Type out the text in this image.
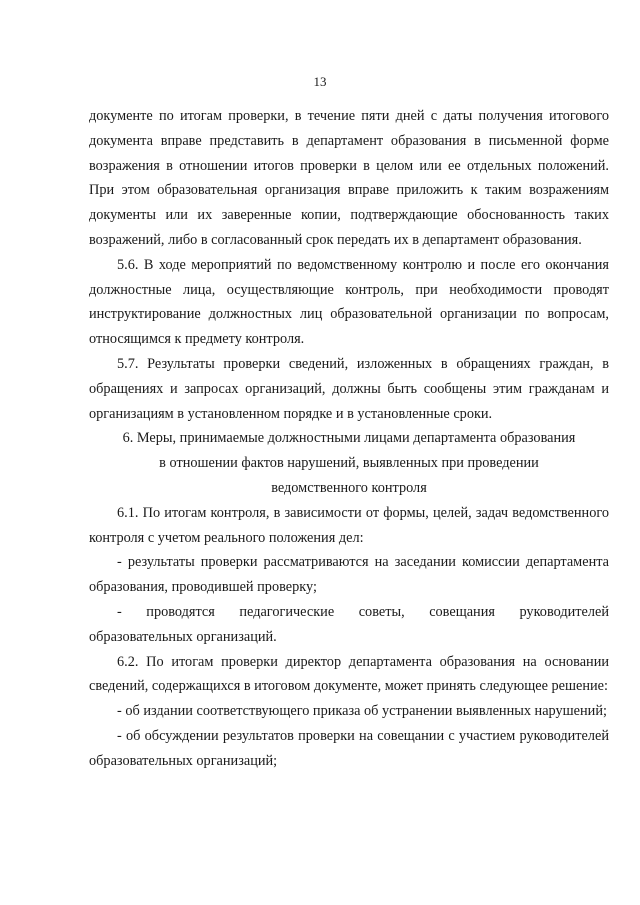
13

документе по итогам проверки, в течение пяти дней с даты получения итогового документа вправе представить в департамент образования в письменной форме возражения в отношении итогов проверки в целом или ее отдельных положений. При этом образовательная организация вправе приложить к таким возражениям документы или их заверенные копии, подтверждающие обоснованность таких возражений, либо в согласованный срок передать их в департамент образования.

5.6. В ходе мероприятий по ведомственному контролю и после его окончания должностные лица, осуществляющие контроль, при необходимости проводят инструктирование должностных лиц образовательной организации по вопросам, относящимся к предмету контроля.

5.7. Результаты проверки сведений, изложенных в обращениях граждан, в обращениях и запросах организаций, должны быть сообщены этим гражданам и организациям в установленном порядке и в установленные сроки.

6. Меры, принимаемые должностными лицами департамента образования

в отношении фактов нарушений, выявленных при проведении

ведомственного контроля

6.1. По итогам контроля, в зависимости от формы, целей, задач ведомственного контроля с учетом реального положения дел:

- результаты проверки рассматриваются на заседании комиссии департамента образования, проводившей проверку;

- проводятся педагогические советы, совещания руководителей образовательных организаций.

6.2. По итогам проверки директор департамента образования на основании сведений, содержащихся в итоговом документе, может принять следующее решение:

- об издании соответствующего приказа об устранении выявленных нарушений;

- об обсуждении результатов проверки на совещании с участием руководителей образовательных организаций;
